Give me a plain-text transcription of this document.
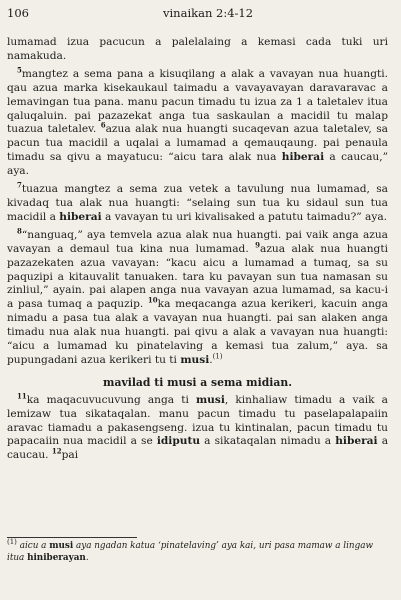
106	vinaikan 2:4-12

lumamad izua pacucun a palelalaing a kemasi cada tuki uri namakuda.

$^5$mangtez a sema pana a kisuqilang a alak a vavayan nua huangti. qau azua marka kisekaukaul taimadu a vavayavayan daravaravac a lemavingan tua pana. manu pacun timadu tu izua za 1 a taletalev itua qaluqaluin. pai pazazekat anga tua saskaulan a macidil tu malap tuazua taletalev. $^6$azua alak nua huangti sucaqevan azua taletalev, sa pacun tua macidil a uqalai a lumamad a qemauqaung. pai penaula timadu sa qivu a mayatucu: “aicu tara alak nua hiberai a caucau,” aya.

$^7$tuazua mangtez a sema zua vetek a tavulung nua lumamad, sa kivadaq tua alak nua huangti: “selaing sun tua ku sidaul sun tua macidil a hiberai a vavayan tu uri kivalisaked a patutu taimadu?” aya.

$^8$“nanguaq,” aya temvela azua alak nua huangti. pai vaik anga azua vavayan a demaul tua kina nua lumamad. $^9$azua alak nua huangti pazazekaten azua vavayan: “kacu aicu a lumamad a tumaq, sa su paquzipi a kitauvalit tanuaken. tara ku pavayan sun tua namasan su zinliul,” ayain. pai alapen anga nua vavayan azua lumamad, sa kacu-i a pasa tumaq a paquzip. $^{10}$ka meqacanga azua kerikeri, kacuin anga nimadu a pasa tua alak a vavayan nua huangti. pai san alaken anga timadu nua alak nua huangti. pai qivu a alak a vavayan nua huangti: “aicu a lumamad ku pinatelaving a kemasi tua zalum,” aya. sa pupungadani azua kerikeri tu ti musi.$^{(1)}$

mavilad ti musi a sema midian.

$^{11}$ka maqacuvucuvung anga ti musi, kinhaliaw timadu a vaik a lemizaw tua sikataqalan. manu pacun timadu tu paselapalapaiin aravac tiamadu a pakasengseng. izua tu kintinalan, pacun timadu tu papacaiin nua macidil a se idiputu a sikataqalan nimadu a hiberai a caucau. $^{12}$pai

$^{(1)}$ aicu a musi aya ngadan katua ‘pinatelaving’ aya kai, uri pasa mamaw a lingaw itua hiniberayan.
